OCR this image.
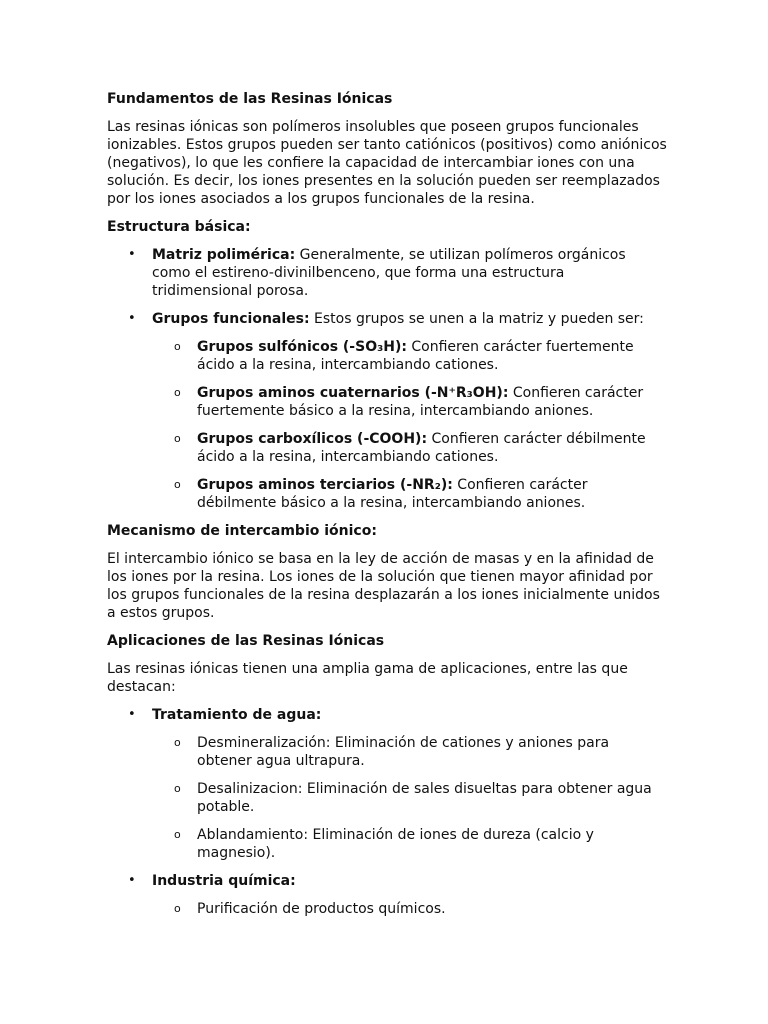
Fundamentos de las Resinas Iónicas

Las resinas iónicas son polímeros insolubles que poseen grupos funcionales ionizables. Estos grupos pueden ser tanto catiónicos (positivos) como aniónicos (negativos), lo que les confiere la capacidad de intercambiar iones con una solución. Es decir, los iones presentes en la solución pueden ser reemplazados por los iones asociados a los grupos funcionales de la resina.

Estructura básica:
• Matriz polimérica: Generalmente, se utilizan polímeros orgánicos como el estireno-divinilbenceno, que forma una estructura tridimensional porosa.
• Grupos funcionales: Estos grupos se unen a la matriz y pueden ser:
o Grupos sulfónicos (-SO₃H): Confieren carácter fuertemente ácido a la resina, intercambiando cationes.
o Grupos aminos cuaternarios (-N⁺R₃OH): Confieren carácter fuertemente básico a la resina, intercambiando aniones.
o Grupos carboxílicos (-COOH): Confieren carácter débilmente ácido a la resina, intercambiando cationes.
o Grupos aminos terciarios (-NR₂): Confieren carácter débilmente básico a la resina, intercambiando aniones.
Mecanismo de intercambio iónico:

El intercambio iónico se basa en la ley de acción de masas y en la afinidad de los iones por la resina. Los iones de la solución que tienen mayor afinidad por los grupos funcionales de la resina desplazarán a los iones inicialmente unidos a estos grupos.

Aplicaciones de las Resinas Iónicas

Las resinas iónicas tienen una amplia gama de aplicaciones, entre las que destacan:

• Tratamiento de agua:
o Desmineralización: Eliminación de cationes y aniones para obtener agua ultrapura.
o Desalinizacion: Eliminación de sales disueltas para obtener agua potable.
o Ablandamiento: Eliminación de iones de dureza (calcio y magnesio).
• Industria química:
o Purificación de productos químicos.
